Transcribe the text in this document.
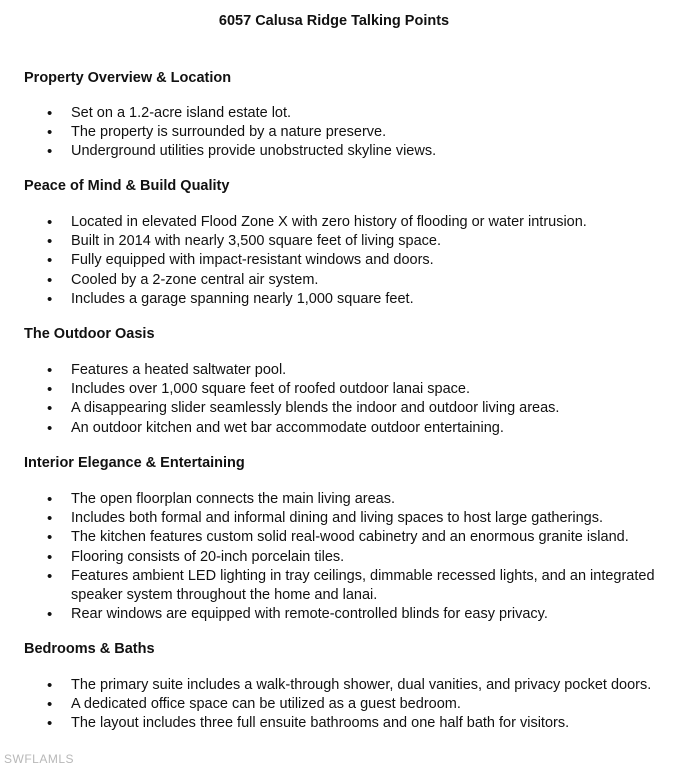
6057 Calusa Ridge Talking Points
Property Overview & Location
• Set on a 1.2-acre island estate lot.
• The property is surrounded by a nature preserve.
• Underground utilities provide unobstructed skyline views.
Peace of Mind & Build Quality
• Located in elevated Flood Zone X with zero history of flooding or water intrusion.
• Built in 2014 with nearly 3,500 square feet of living space.
• Fully equipped with impact-resistant windows and doors.
• Cooled by a 2-zone central air system.
• Includes a garage spanning nearly 1,000 square feet.
The Outdoor Oasis
• Features a heated saltwater pool.
• Includes over 1,000 square feet of roofed outdoor lanai space.
• A disappearing slider seamlessly blends the indoor and outdoor living areas.
• An outdoor kitchen and wet bar accommodate outdoor entertaining.
Interior Elegance & Entertaining
• The open floorplan connects the main living areas.
• Includes both formal and informal dining and living spaces to host large gatherings.
• The kitchen features custom solid real-wood cabinetry and an enormous granite island.
• Flooring consists of 20-inch porcelain tiles.
• Features ambient LED lighting in tray ceilings, dimmable recessed lights, and an integrated speaker system throughout the home and lanai.
• Rear windows are equipped with remote-controlled blinds for easy privacy.
Bedrooms & Baths
• The primary suite includes a walk-through shower, dual vanities, and privacy pocket doors.
• A dedicated office space can be utilized as a guest bedroom.
• The layout includes three full ensuite bathrooms and one half bath for visitors.
SWFLAMLS
